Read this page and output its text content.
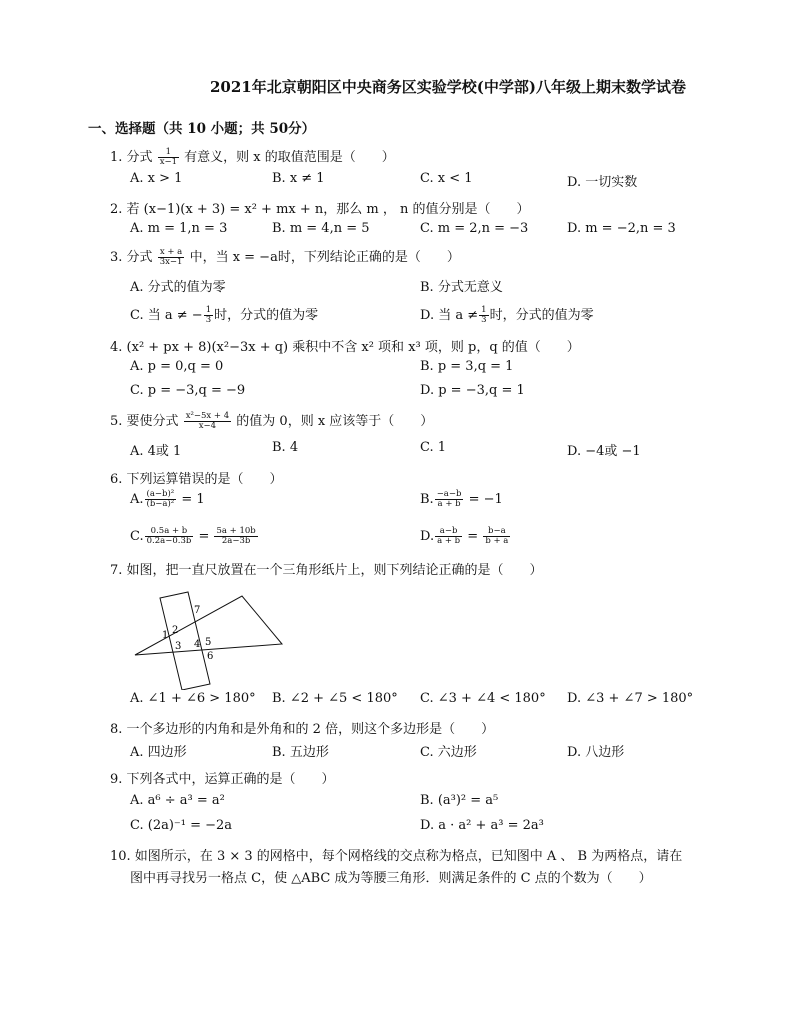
2021年北京朝阳区中央商务区实验学校(中学部)八年级上期末数学试卷
一、选择题（共 10 小题；共 50分）
1. 分式 $\frac{1}{x-1}$ 有意义，则 x 的取值范围是（　　）
A. x > 1	B. x ≠ 1	C. x < 1	D. 一切实数
2. 若 (x−1)(x + 3) = x² + mx + n，那么 m ， n 的值分别是（　　）
A. m = 1,n = 3	B. m = 4,n = 5	C. m = 2,n = −3	D. m = −2,n = 3
3. 分式 $\frac{x + a}{3x-1}$ 中，当 x = −a时，下列结论正确的是（　　）
A. 分式的值为零	B. 分式无意义
C. 当 a ≠ − $\frac{1}{3}$ 时，分式的值为零	D. 当 $a \ne \frac{1}{3}$ 时，分式的值为零
4. (x² + px + 8)(x²−3x + q) 乘积中不含 x² 项和 x³ 项，则 p，q 的值（　　）
A. p = 0,q = 0	B. p = 3,q = 1
C. p = −3,q = −9	D. p = −3,q = 1
5. 要使分式 $\frac{\text{x²−5x + 4}}{x-4}$ 的值为 0，则 x 应该等于（　　）
A. 4或 1	B. 4	C. 1	D. −4或 −1
6. 下列运算错误的是（　　）
A. $\frac{\text{(a−b)²}}{\text{(b−a)²}} = 1$	B. $\frac{-a-b}{a + b} = -1$
C. $\frac{0.5a + b}{0.2a-0.3b} = \frac{5a + 10b}{2a-3b}$	D. $\frac{a-b}{a + b} = \frac{b-a}{b + a}$
7. 如图，把一直尺放置在一个三角形纸片上，则下列结论正确的是（　　）
1 2
3 4 5
6
7
A. ∠1 + ∠6 > 180° B. ∠2 + ∠5 < 180° C. ∠3 + ∠4 < 180° D. ∠3 + ∠7 > 180°
8. 一个多边形的内角和是外角和的 2 倍，则这个多边形是（　　）
A. 四边形	B. 五边形	C. 六边形	D. 八边形
9. 下列各式中，运算正确的是（　　）
A. a⁶ ÷ a³ = a²	B. (a³)² = a⁵
C. (2a)⁻¹ = −2a	D. a · a² + a³ = 2a³
10. 如图所示，在 3 × 3 的网格中，每个网格线的交点称为格点，已知图中 A 、 B 为两格点，请在
图中再寻找另一格点 C，使 △ABC 成为等腰三角形．则满足条件的 C 点的个数为（　　）
